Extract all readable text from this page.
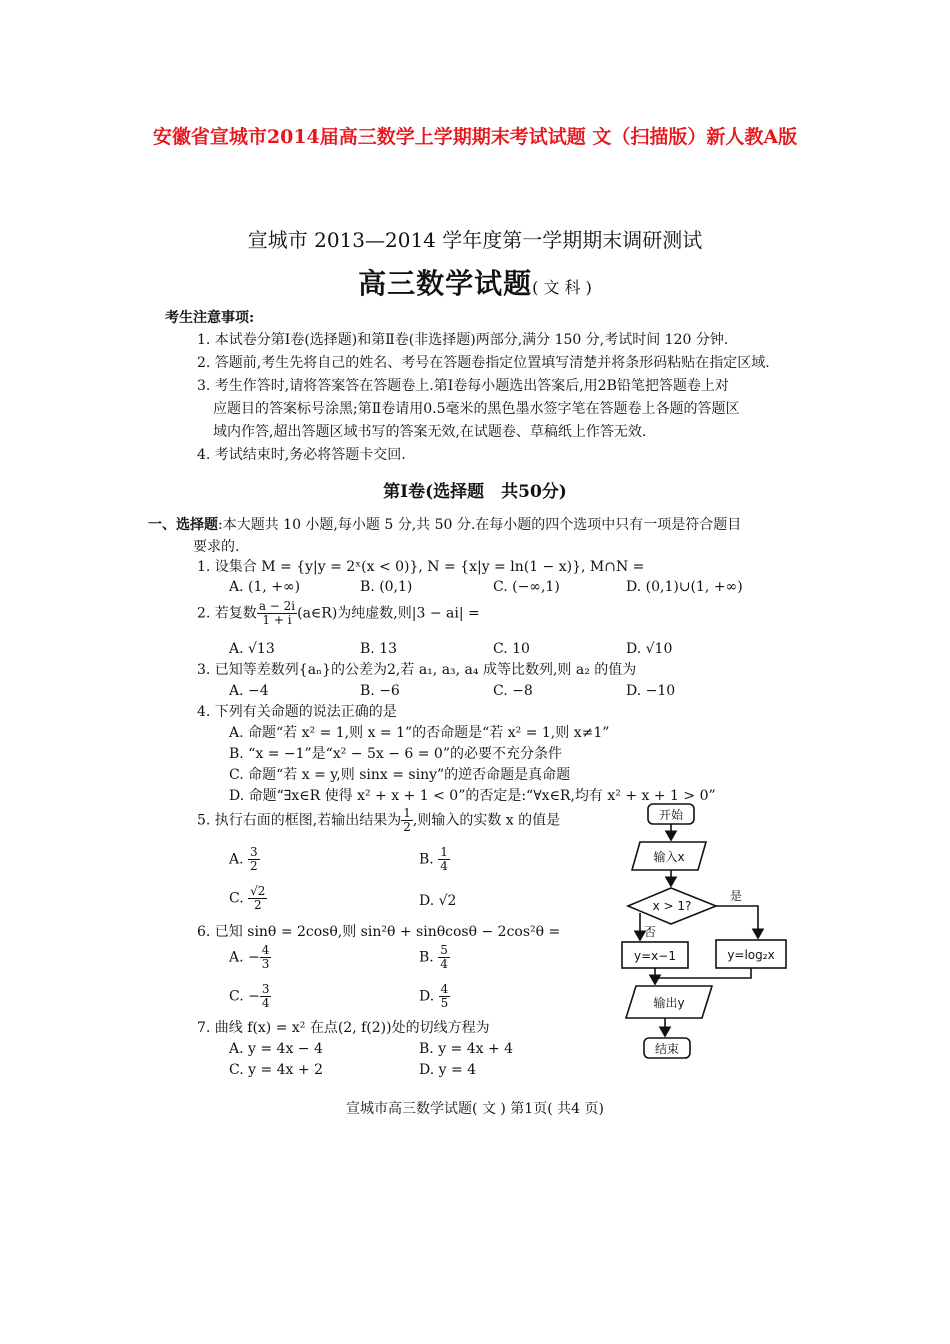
安徽省宣城市2014届高三数学上学期期末考试试题 文（扫描版）新人教A版
宣城市 2013—2014 学年度第一学期期末调研测试
高三数学试题( 文 科 )
考生注意事项:
1. 本试卷分第Ⅰ卷(选择题)和第Ⅱ卷(非选择题)两部分,满分 150 分,考试时间 120 分钟.
2. 答题前,考生先将自己的姓名、考号在答题卷指定位置填写清楚并将条形码粘贴在指定区域.
3. 考生作答时,请将答案答在答题卷上.第Ⅰ卷每小题选出答案后,用2B铅笔把答题卷上对
应题目的答案标号涂黑;第Ⅱ卷请用0.5毫米的黑色墨水签字笔在答题卷上各题的答题区
域内作答,超出答题区域书写的答案无效,在试题卷、草稿纸上作答无效.
4. 考试结束时,务必将答题卡交回.
第Ⅰ卷(选择题　共50分)
一、选择题:本大题共 10 小题,每小题 5 分,共 50 分.在每小题的四个选项中只有一项是符合题目
要求的.
1. 设集合 M = {y|y = 2ˣ(x < 0)}, N = {x|y = ln(1 − x)}, M∩N =
A. (1, +∞)	B. (0,1)	C. (−∞,1)	D. (0,1)∪(1, +∞)
2. 若复数 $\frac{a - 2i}{1 + i}$ (a∈R)为纯虚数,则|3 − ai| =
A. √13	B. 13	C. 10	D. √10
3. 已知等差数列{aₙ}的公差为2,若 a₁, a₃, a₄ 成等比数列,则 a₂ 的值为
A. −4	B. −6	C. −8	D. −10
4. 下列有关命题的说法正确的是
A. 命题“若 x² = 1,则 x = 1”的否命题是“若 x² = 1,则 x≠1”
B. “x = −1”是“x² − 5x − 6 = 0”的必要不充分条件
C. 命题“若 x = y,则 sinx = siny”的逆否命题是真命题
D. 命题“∃x∈R 使得 x² + x + 1 < 0”的否定是:“∀x∈R,均有 x² + x + 1 > 0”
5. 执行右面的框图,若输出结果为 $\frac{1}{2}$ ,则输入的实数 x 的值是
A. $\frac{3}{2}$	B. $\frac{1}{4}$
C. $\frac{√2}{2}$	D. √2
6. 已知 sinθ = 2cosθ,则 sin²θ + sinθcosθ − 2cos²θ =
A. − $\frac{4}{3}$	B. $\frac{5}{4}$
C. − $\frac{3}{4}$	D. $\frac{4}{5}$
7. 曲线 f(x) = x² 在点(2, f(2))处的切线方程为
A. y = 4x − 4	B. y = 4x + 4
C. y = 4x + 2	D. y = 4
开始
输入x
x > 1?
是
否
y=x−1	y=log₂x
输出y
结束
宣城市高三数学试题( 文 ) 第1页( 共4 页)
